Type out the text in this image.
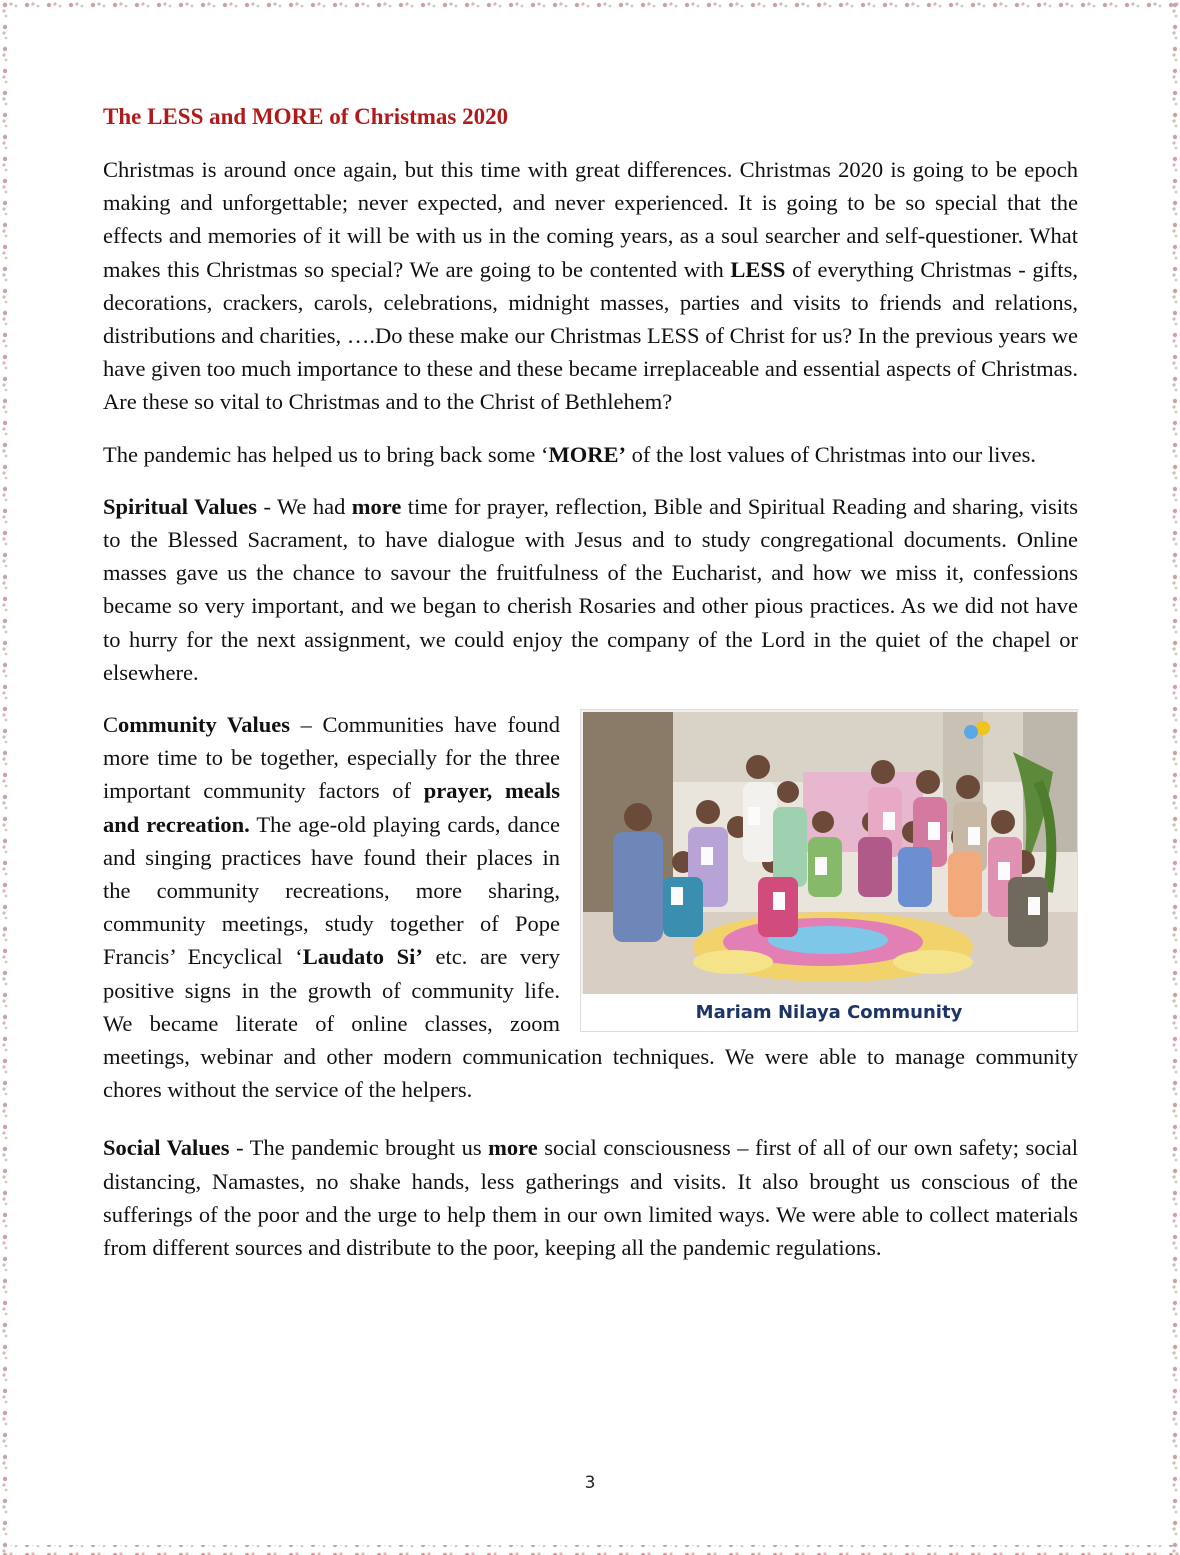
The LESS and MORE of Christmas 2020

Christmas is around once again, but this time with great differences. Christmas 2020 is going to be epoch making and unforgettable; never expected, and never experienced. It is going to be so special that the effects and memories of it will be with us in the coming years, as a soul searcher and self-questioner. What makes this Christmas so special? We are going to be contented with LESS of everything Christmas - gifts, decorations, crackers, carols, celebrations, midnight masses, parties and visits to friends and relations, distributions and charities, ….Do these make our Christmas LESS of Christ for us? In the previous years we have given too much importance to these and these became irreplaceable and essential aspects of Christmas. Are these so vital to Christmas and to the Christ of Bethlehem?

The pandemic has helped us to bring back some ‘MORE’ of the lost values of Christmas into our lives.

Spiritual Values - We had more time for prayer, reflection, Bible and Spiritual Reading and sharing, visits to the Blessed Sacrament, to have dialogue with Jesus and to study congregational documents. Online masses gave us the chance to savour the fruitfulness of the Eucharist, and how we miss it, confessions became so very important, and we began to cherish Rosaries and other pious practices. As we did not have to hurry for the next assignment, we could enjoy the company of the Lord in the quiet of the chapel or elsewhere.

Mariam Nilaya Community

Community Values – Communities have found more time to be together, especially for the three important community factors of prayer, meals and recreation. The age-old playing cards, dance and singing practices have found their places in the community recreations, more sharing, community meetings, study together of Pope Francis’ Encyclical ‘Laudato Si’ etc. are very positive signs in the growth of community life. We became literate of online classes, zoom meetings, webinar and other modern communication techniques. We were able to manage community chores without the service of the helpers.

Social Values - The pandemic brought us more social consciousness – first of all of our own safety; social distancing, Namastes, no shake hands, less gatherings and visits. It also brought us conscious of the sufferings of the poor and the urge to help them in our own limited ways. We were able to collect materials from different sources and distribute to the poor, keeping all the pandemic regulations.

3
